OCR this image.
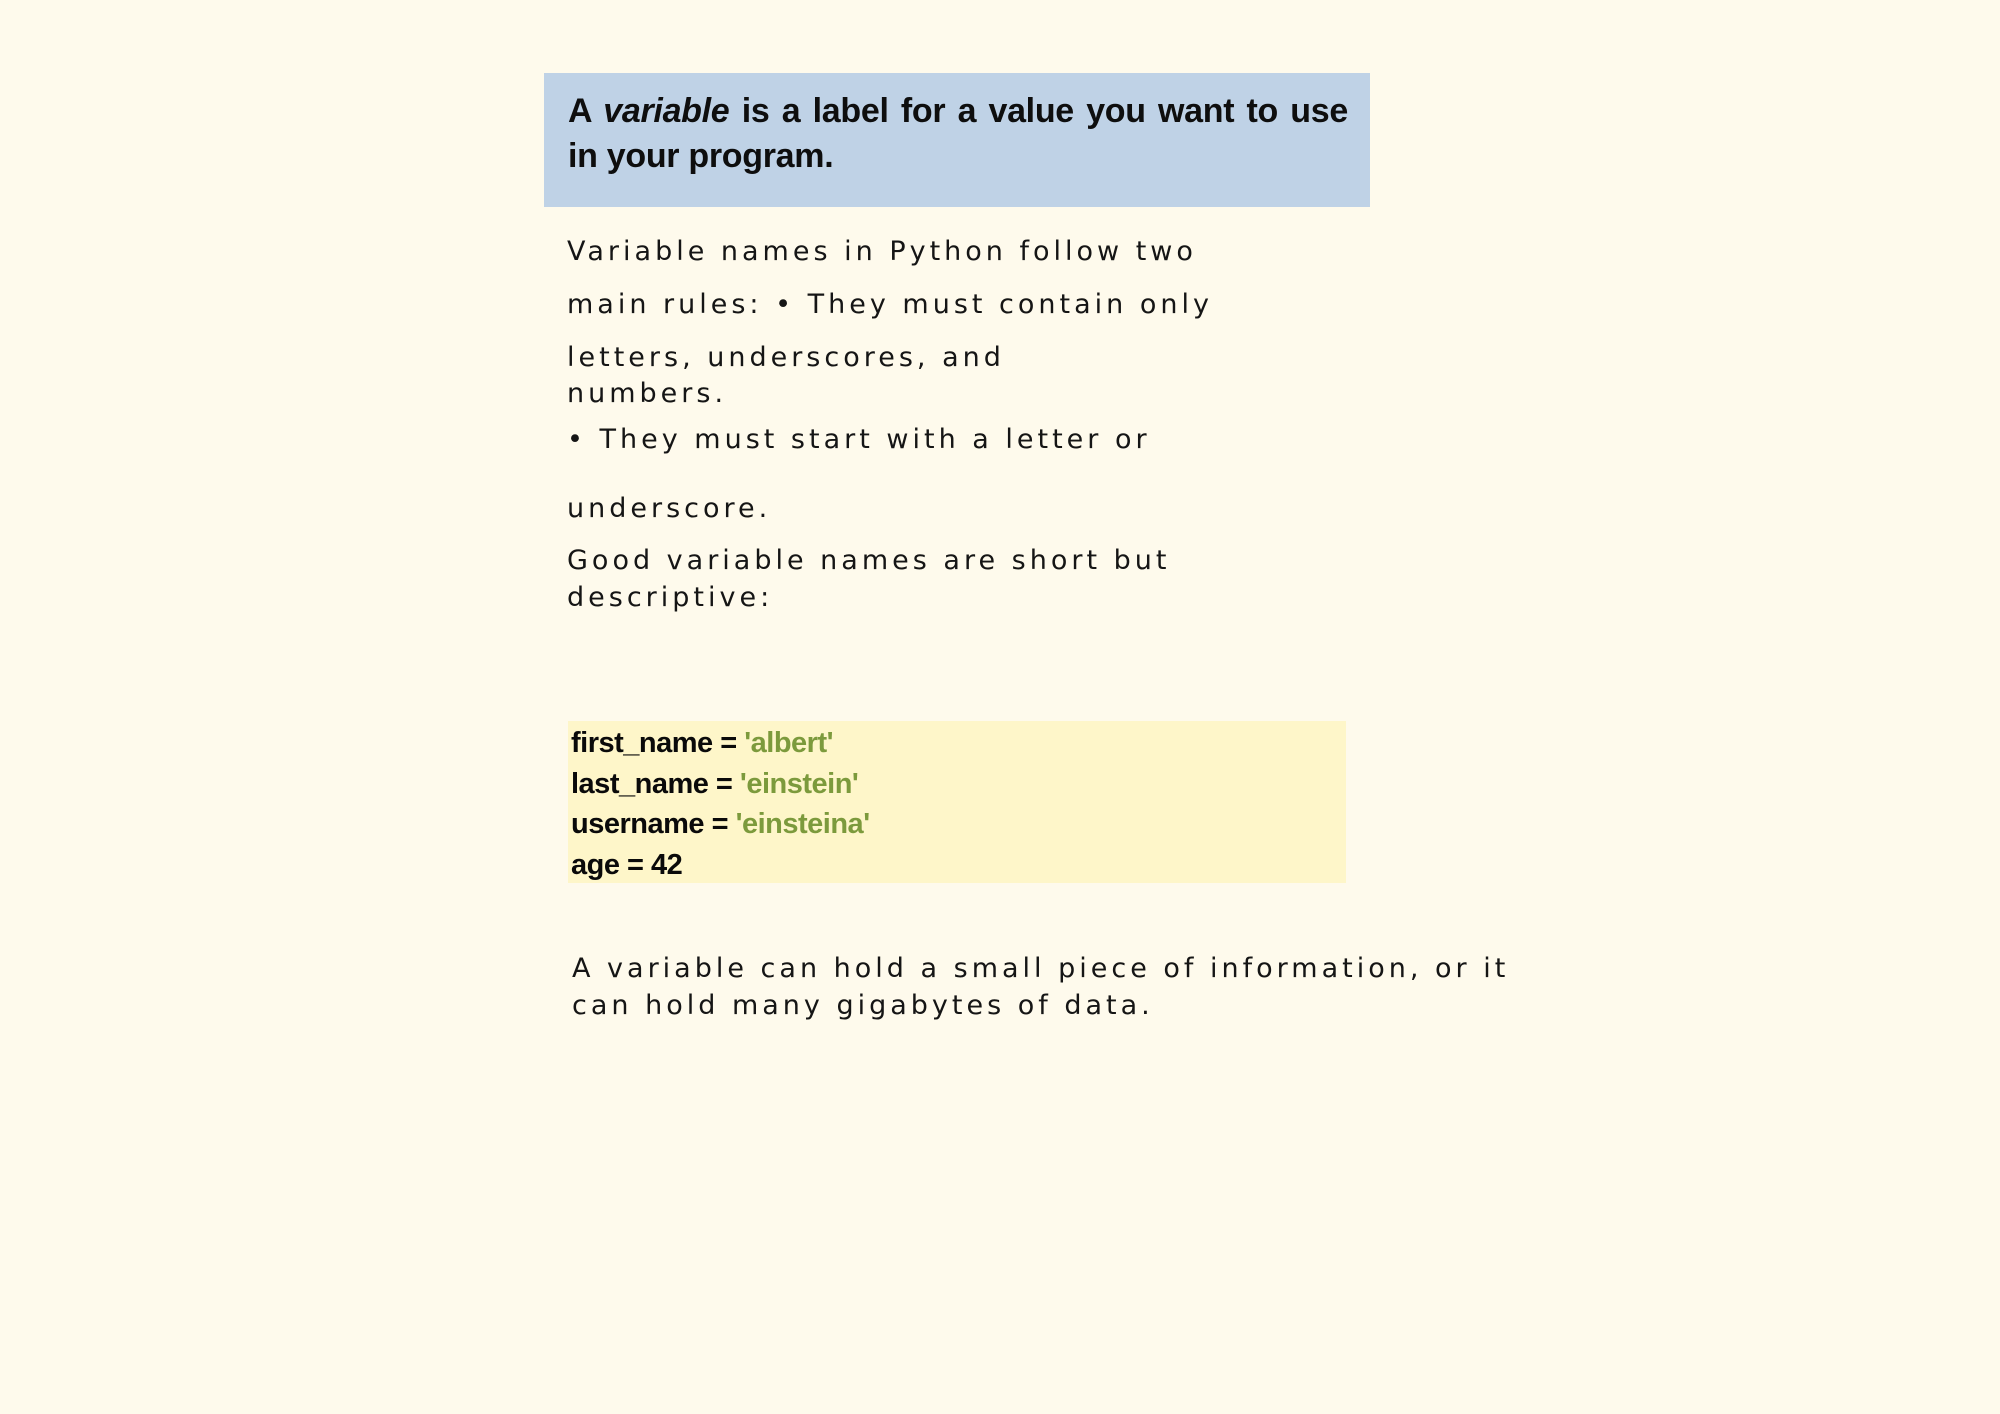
A variable is a label for a value you want to use in your program.

Variable names in Python follow two

main rules: • They must contain only

letters, underscores, and

numbers.

• They must start with a letter or

underscore.

Good variable names are short but

descriptive:

first_name = 'albert'
last_name = 'einstein'
username = 'einsteina'
age = 42

A variable can hold a small piece of information, or it

can hold many gigabytes of data.
